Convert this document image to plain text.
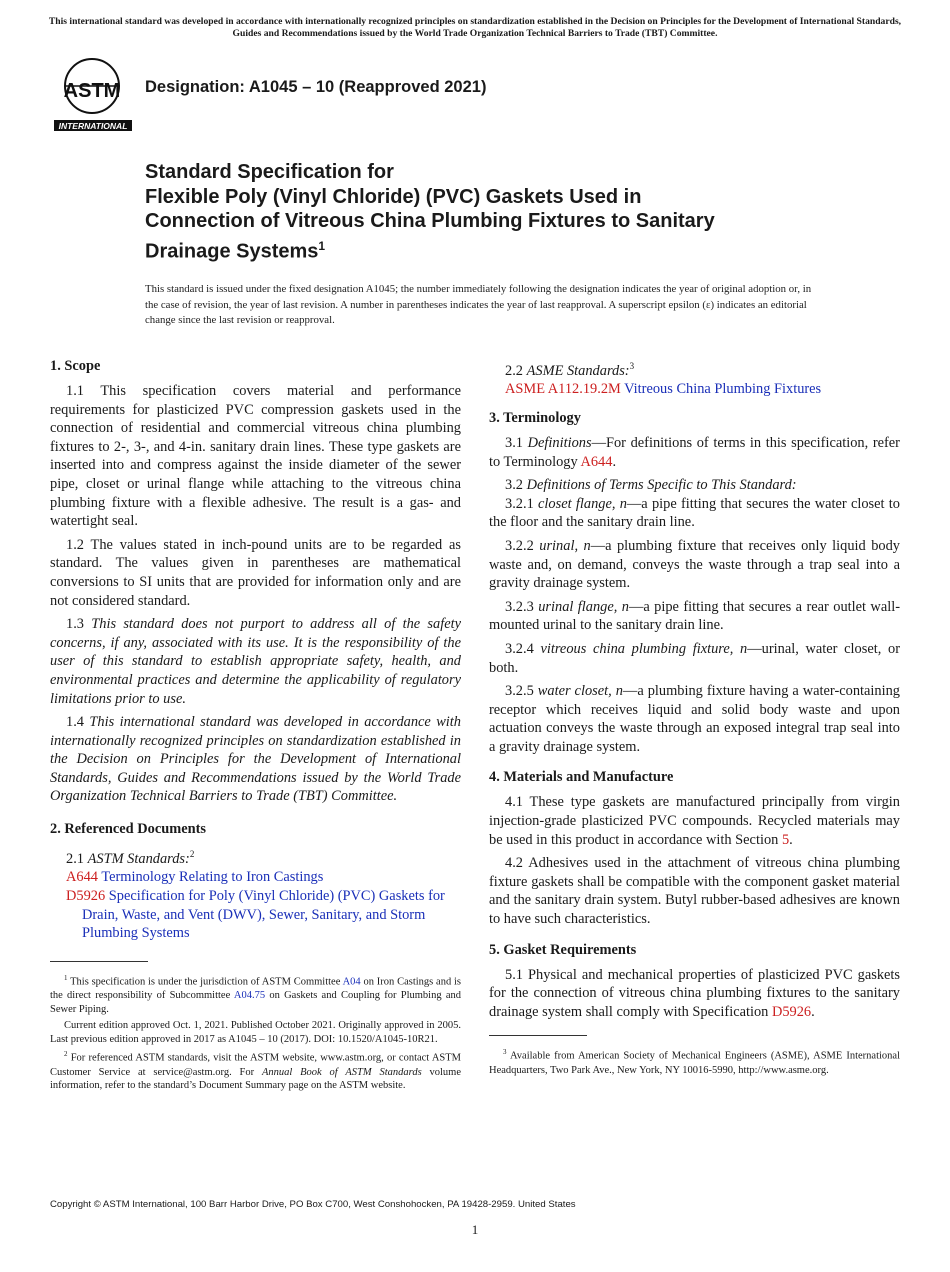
This international standard was developed in accordance with internationally recognized principles on standardization established in the Decision on Principles for the Development of International Standards, Guides and Recommendations issued by the World Trade Organization Technical Barriers to Trade (TBT) Committee.
ASTM
INTERNATIONAL
Designation: A1045 – 10 (Reapproved 2021)
Standard Specification for
Flexible Poly (Vinyl Chloride) (PVC) Gaskets Used in
Connection of Vitreous China Plumbing Fixtures to Sanitary
Drainage Systems$^1$
This standard is issued under the fixed designation A1045; the number immediately following the designation indicates the year of original adoption or, in the case of revision, the year of last revision. A number in parentheses indicates the year of last reapproval. A superscript epsilon (ε) indicates an editorial change since the last revision or reapproval.
1. Scope

1.1 This specification covers material and performance requirements for plasticized PVC compression gaskets used in the connection of residential and commercial vitreous china plumbing fixtures to 2-, 3-, and 4-in. sanitary drain lines. These type gaskets are inserted into and compress against the inside diameter of the sewer pipe, closet or urinal flange while attaching to the vitreous china plumbing fixture with a flexible adhesive. The result is a gas- and watertight seal.

1.2 The values stated in inch-pound units are to be regarded as standard. The values given in parentheses are mathematical conversions to SI units that are provided for information only and are not considered standard.

1.3 This standard does not purport to address all of the safety concerns, if any, associated with its use. It is the responsibility of the user of this standard to establish appropriate safety, health, and environmental practices and determine the applicability of regulatory limitations prior to use.

1.4 This international standard was developed in accordance with internationally recognized principles on standardization established in the Decision on Principles for the Development of International Standards, Guides and Recommendations issued by the World Trade Organization Technical Barriers to Trade (TBT) Committee.

2. Referenced Documents

2.1 ASTM Standards:$^2$

A644 Terminology Relating to Iron Castings

D5926 Specification for Poly (Vinyl Chloride) (PVC) Gaskets for Drain, Waste, and Vent (DWV), Sewer, Sanitary, and Storm Plumbing Systems

$^1$ This specification is under the jurisdiction of ASTM Committee A04 on Iron Castings and is the direct responsibility of Subcommittee A04.75 on Gaskets and Coupling for Plumbing and Sewer Piping.

Current edition approved Oct. 1, 2021. Published October 2021. Originally approved in 2005. Last previous edition approved in 2017 as A1045 – 10 (2017). DOI: 10.1520/A1045-10R21.

$^2$ For referenced ASTM standards, visit the ASTM website, www.astm.org, or contact ASTM Customer Service at service@astm.org. For Annual Book of ASTM Standards volume information, refer to the standard’s Document Summary page on the ASTM website.

2.2 ASME Standards:$^3$

ASME A112.19.2M Vitreous China Plumbing Fixtures

3. Terminology

3.1 Definitions—For definitions of terms in this specification, refer to Terminology A644.

3.2 Definitions of Terms Specific to This Standard:

3.2.1 closet flange, n—a pipe fitting that secures the water closet to the floor and the sanitary drain line.

3.2.2 urinal, n—a plumbing fixture that receives only liquid body waste and, on demand, conveys the waste through a trap seal into a gravity drainage system.

3.2.3 urinal flange, n—a pipe fitting that secures a rear outlet wall-mounted urinal to the sanitary drain line.

3.2.4 vitreous china plumbing fixture, n—urinal, water closet, or both.

3.2.5 water closet, n—a plumbing fixture having a water-containing receptor which receives liquid and solid body waste and upon actuation conveys the waste through an exposed integral trap seal into a gravity drainage system.

4. Materials and Manufacture

4.1 These type gaskets are manufactured principally from virgin injection-grade plasticized PVC compounds. Recycled materials may be used in this product in accordance with Section 5.

4.2 Adhesives used in the attachment of vitreous china plumbing fixture gaskets shall be compatible with the component gasket material and the sanitary drain system. Butyl rubber-based adhesives are known to have such characteristics.

5. Gasket Requirements

5.1 Physical and mechanical properties of plasticized PVC gaskets for the connection of vitreous china plumbing fixtures to the sanitary drainage system shall comply with Specification D5926.

$^3$ Available from American Society of Mechanical Engineers (ASME), ASME International Headquarters, Two Park Ave., New York, NY 10016-5990, http://www.asme.org.

Copyright © ASTM International, 100 Barr Harbor Drive, PO Box C700, West Conshohocken, PA 19428-2959. United States
1
